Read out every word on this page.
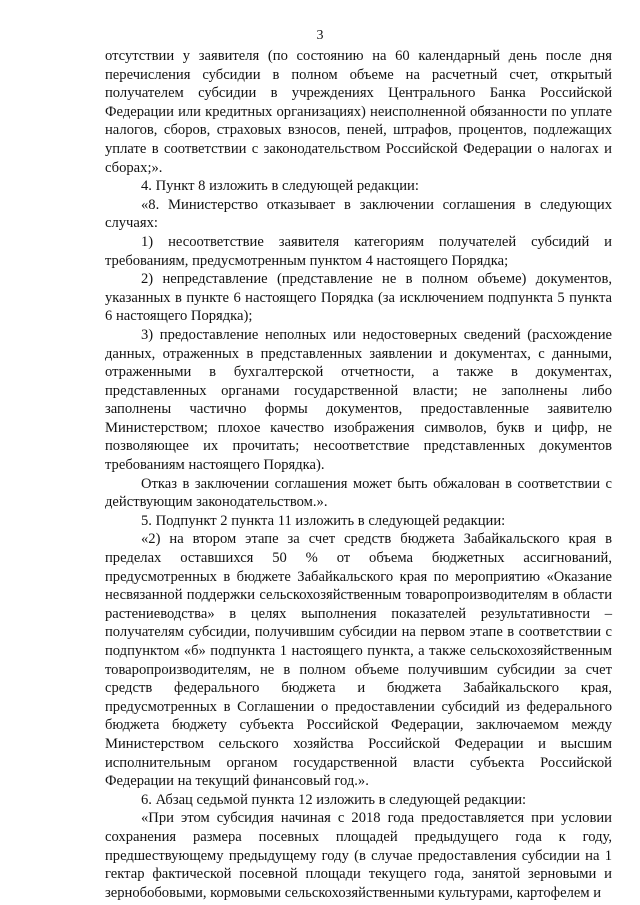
3

отсутствии у заявителя (по состоянию на 60 календарный день после дня перечисления субсидии в полном объеме на расчетный счет, открытый получателем субсидии в учреждениях Центрального Банка Российской Федерации или кредитных организациях) неисполненной обязанности по уплате налогов, сборов, страховых взносов, пеней, штрафов, процентов, подлежащих уплате в соответствии с законодательством Российской Федерации о налогах и сборах;».

4. Пункт 8 изложить в следующей редакции:

«8. Министерство отказывает в заключении соглашения в следующих случаях:

1) несоответствие заявителя категориям получателей субсидий и требованиям, предусмотренным пунктом 4 настоящего Порядка;

2) непредставление (представление не в полном объеме) документов, указанных в пункте 6 настоящего Порядка (за исключением подпункта 5 пункта 6 настоящего Порядка);

3) предоставление неполных или недостоверных сведений (расхождение данных, отраженных в представленных заявлении и документах, с данными, отраженными в бухгалтерской отчетности, а также в документах, представленных органами государственной власти; не заполнены либо заполнены частично формы документов, предоставленные заявителю Министерством; плохое качество изображения символов, букв и цифр, не позволяющее их прочитать; несоответствие представленных документов требованиям настоящего Порядка).

Отказ в заключении соглашения может быть обжалован в соответствии с действующим законодательством.».

5. Подпункт 2 пункта 11 изложить в следующей редакции:

«2) на втором этапе за счет средств бюджета Забайкальского края в пределах оставшихся 50 % от объема бюджетных ассигнований, предусмотренных в бюджете Забайкальского края по мероприятию «Оказание несвязанной поддержки сельскохозяйственным товаропроизводителям в области растениеводства» в целях выполнения показателей результативности – получателям субсидии, получившим субсидии на первом этапе в соответствии с подпунктом «б» подпункта 1 настоящего пункта, а также сельскохозяйственным товаропроизводителям, не в полном объеме получившим субсидии за счет средств федерального бюджета и бюджета Забайкальского края, предусмотренных в Соглашении о предоставлении субсидий из федерального бюджета бюджету субъекта Российской Федерации, заключаемом между Министерством сельского хозяйства Российской Федерации и высшим исполнительным органом государственной власти субъекта Российской Федерации на текущий финансовый год.».

6. Абзац седьмой пункта 12 изложить в следующей редакции:

«При этом субсидия начиная с 2018 года предоставляется при условии сохранения размера посевных площадей предыдущего года к году, предшествующему предыдущему году (в случае предоставления субсидии на 1 гектар фактической посевной площади текущего года, занятой зерновыми и зернобобовыми, кормовыми сельскохозяйственными культурами, картофелем и
